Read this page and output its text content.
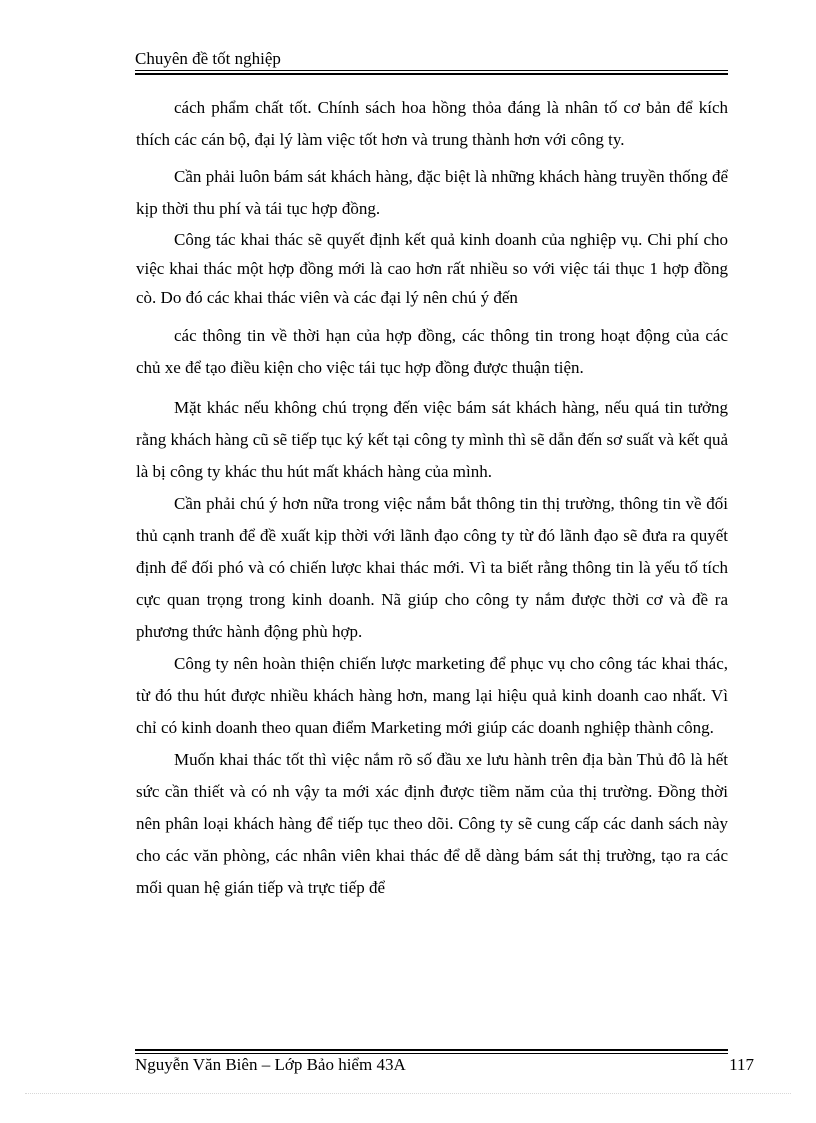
Chuyên đề tốt nghiệp

cách phẩm chất tốt. Chính sách hoa hồng thỏa đáng là nhân tố cơ bản để kích thích các cán bộ, đại lý làm việc tốt hơn và trung thành hơn với công ty.

Cần phải luôn bám sát khách hàng, đặc biệt là những khách hàng truyền thống để kịp thời thu phí và tái tục hợp đồng.

Công tác khai thác sẽ quyết định kết quả kinh doanh của nghiệp vụ. Chi phí cho việc khai thác một hợp đồng mới là cao hơn rất nhiều so với việc tái thục 1 hợp đồng cò. Do đó các khai thác viên và các đại lý nên chú ý đến

các thông tin về thời hạn của hợp đồng, các thông tin trong hoạt động của các chủ xe để tạo điều kiện cho việc tái tục hợp đồng được thuận tiện.

Mặt khác nếu không chú trọng đến việc bám sát khách hàng, nếu quá tin tưởng rằng khách hàng cũ sẽ tiếp tục ký kết tại công ty mình thì sẽ dẫn đến sơ suất và kết quả là bị công ty khác thu hút mất khách hàng của mình.

Cần phải chú ý hơn nữa trong việc nắm bắt thông tin thị trường, thông tin về đối thủ cạnh tranh để đề xuất kịp thời với lãnh đạo công ty từ đó lãnh đạo sẽ đưa ra quyết định để đối phó và có chiến lược khai thác mới. Vì ta biết rằng thông tin là yếu tố tích cực quan trọng trong kinh doanh. Nã giúp cho công ty nắm được thời cơ và đề ra phương thức hành động phù hợp.

Công ty nên hoàn thiện chiến lược marketing để phục vụ cho công tác khai thác, từ đó thu hút được nhiều khách hàng hơn, mang lại hiệu quả kinh doanh cao nhất. Vì chỉ có kinh doanh theo quan điểm Marketing mới giúp các doanh nghiệp thành công.

Muốn khai thác tốt thì việc nắm rõ số đầu xe lưu hành trên địa bàn Thủ đô là hết sức cần thiết và có nh vậy ta mới xác định được tiềm năm của thị trường. Đồng thời nên phân loại khách hàng để tiếp tục theo dõi. Công ty sẽ cung cấp các danh sách này cho các văn phòng, các nhân viên khai thác để dễ dàng bám sát thị trường, tạo ra các mối quan hệ gián tiếp và trực tiếp để

Nguyễn Văn Biên – Lớp Bảo hiểm 43A	117
